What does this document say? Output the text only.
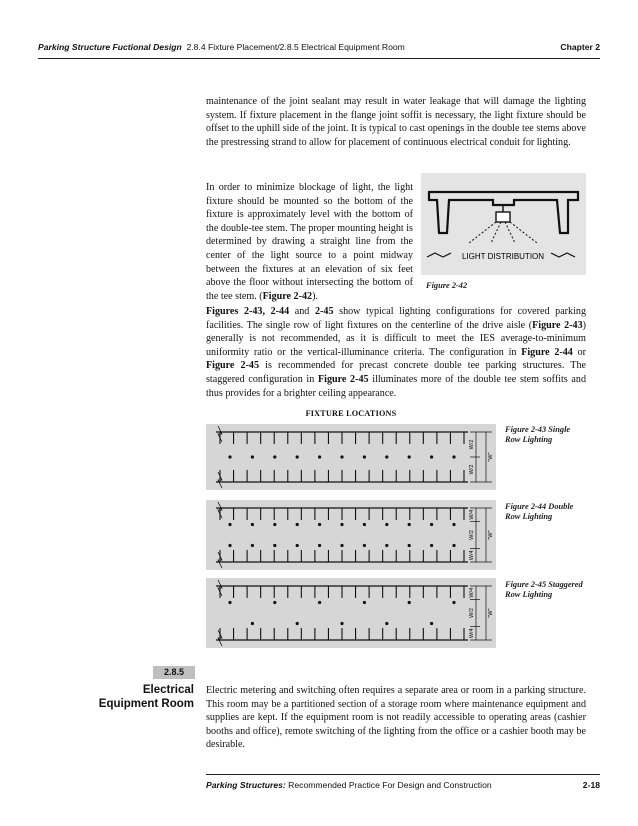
Parking Structure Fuctional Design 2.8.4 Fixture Placement/2.8.5 Electrical Equipment Room	Chapter 2

maintenance of the joint sealant may result in water leakage that will damage the lighting system. If fixture placement in the flange joint soffit is necessary, the light fixture should be offset to the uphill side of the joint. It is typical to cast openings in the double tee stems above the prestressing strand to allow for placement of continuous electrical conduit for lighting.

In order to minimize blockage of light, the light fixture should be mounted so the bottom of the fixture is approximately level with the bottom of the double-tee stem. The proper mounting height is determined by drawing a straight line from the center of the light source to a point midway between the fixtures at an elevation of six feet above the floor without intersecting the bottom of the tee stem. (Figure 2-42).

LIGHT DISTRIBUTION
Figure 2-42

Figures 2-43, 2-44 and 2-45 show typical lighting configurations for covered parking facilities. The single row of light fixtures on the centerline of the drive aisle (Figure 2-43) generally is not recommended, as it is difficult to meet the IES average-to-minimum uniformity ratio or the vertical-illuminance criteria. The configuration in Figure 2-44 or Figure 2-45 is recommended for precast concrete double tee parking structures. The staggered configuration in Figure 2-45 illuminates more of the double tee stem soffits and thus provides for a brighter ceiling appearance.

FIXTURE LOCATIONS
"W"
W/2
W/2
"W"
W/4
W/2
W/4
"W"
W/4
W/2
W/4
Figure 2-43 Single Row Lighting
Figure 2-44 Double Row Lighting
Figure 2-45 Staggered Row Lighting
2.8.5
Electrical
Equipment Room

Electric metering and switching often requires a separate area or room in a parking structure. This room may be a partitioned section of a storage room where maintenance equipment and supplies are kept. If the equipment room is not readily accessible to operating areas (cashier booths and office), remote switching of the lighting from the office or a cashier booth may be desirable.

Parking Structures: Recommended Practice For Design and Construction	2-18
